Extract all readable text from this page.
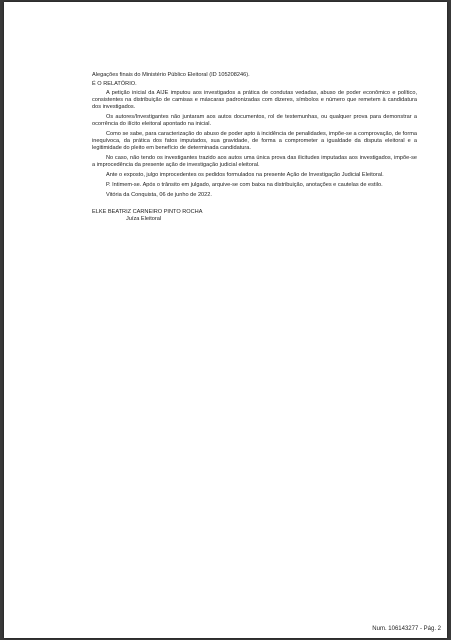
Alegações finais do Ministério Público Eleitoral (ID 105208246).

É O RELATÓRIO.

A petição inicial da AIJE imputou aos investigados a prática de condutas vedadas, abuso de poder econômico e político, consistentes na distribuição de camisas e máscaras padronizadas com dizeres, símbolos e número que remetem à candidatura dos investigados.

Os autores/Investigantes não juntaram aos autos documentos, rol de testemunhas, ou qualquer prova para demonstrar a ocorrência do ilícito eleitoral apontado na inicial.

Como se sabe, para caracterização do abuso de poder apto à incidência de penalidades, impõe-se a comprovação, de forma inequívoca, da prática dos fatos imputados, sua gravidade, de forma a comprometer a igualdade da disputa eleitoral e a legitimidade do pleito em benefício de determinada candidatura.

No caso, não tendo os investigantes trazido aos autos uma única prova das ilicitudes imputadas aos investigados, impõe-se a improcedência da presente ação de investigação judicial eleitoral.

Ante o exposto, julgo improcedentes os pedidos formulados na presente Ação de Investigação Judicial Eleitoral.

P. Intimem-se. Após o trânsito em julgado, arquive-se com baixa na distribuição, anotações e cautelas de estilo.

Vitória da Conquista, 06 de junho de 2022.

ELKE BEATRIZ CARNEIRO PINTO ROCHA

Juíza Eleitoral

Num. 106143277 - Pág. 2
